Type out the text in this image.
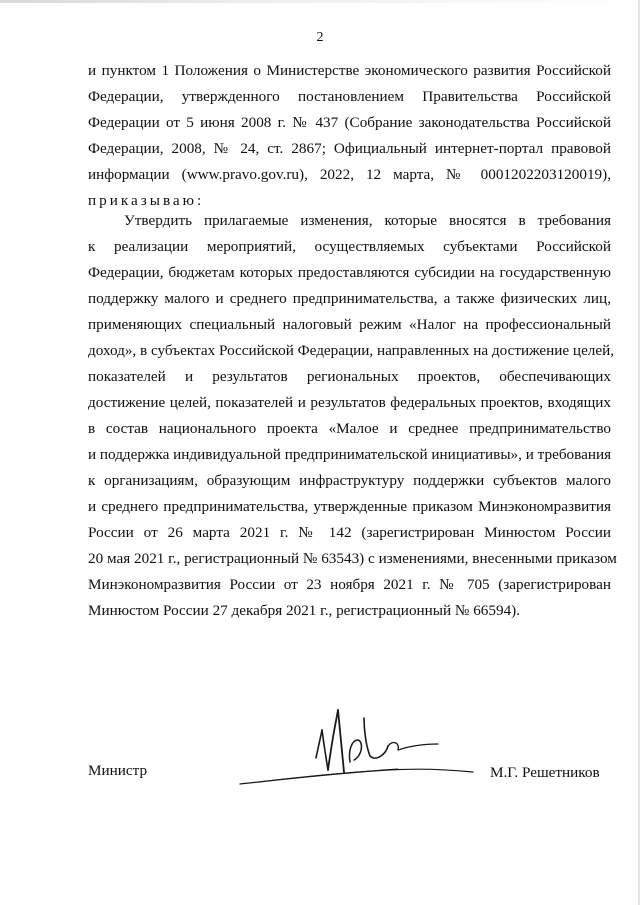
2
и пунктом 1 Положения о Министерстве экономического развития Российской
Федерации, утвержденного постановлением Правительства Российской
Федерации от 5 июня 2008 г. № 437 (Собрание законодательства Российской
Федерации, 2008, № 24, ст. 2867; Официальный интернет-портал правовой
информации (www.pravo.gov.ru), 2022, 12 марта, № 0001202203120019),
приказываю:
Утвердить прилагаемые изменения, которые вносятся в требования
к реализации мероприятий, осуществляемых субъектами Российской
Федерации, бюджетам которых предоставляются субсидии на государственную
поддержку малого и среднего предпринимательства, а также физических лиц,
применяющих специальный налоговый режим «Налог на профессиональный
доход», в субъектах Российской Федерации, направленных на достижение целей,
показателей и результатов региональных проектов, обеспечивающих
достижение целей, показателей и результатов федеральных проектов, входящих
в состав национального проекта «Малое и среднее предпринимательство
и поддержка индивидуальной предпринимательской инициативы», и требования
к организациям, образующим инфраструктуру поддержки субъектов малого
и среднего предпринимательства, утвержденные приказом Минэкономразвития
России от 26 марта 2021 г. № 142 (зарегистрирован Минюстом России
20 мая 2021 г., регистрационный № 63543) с изменениями, внесенными приказом
Минэкономразвития России от 23 ноября 2021 г. № 705 (зарегистрирован
Минюстом России 27 декабря 2021 г., регистрационный № 66594).
Министр	М.Г. Решетников
